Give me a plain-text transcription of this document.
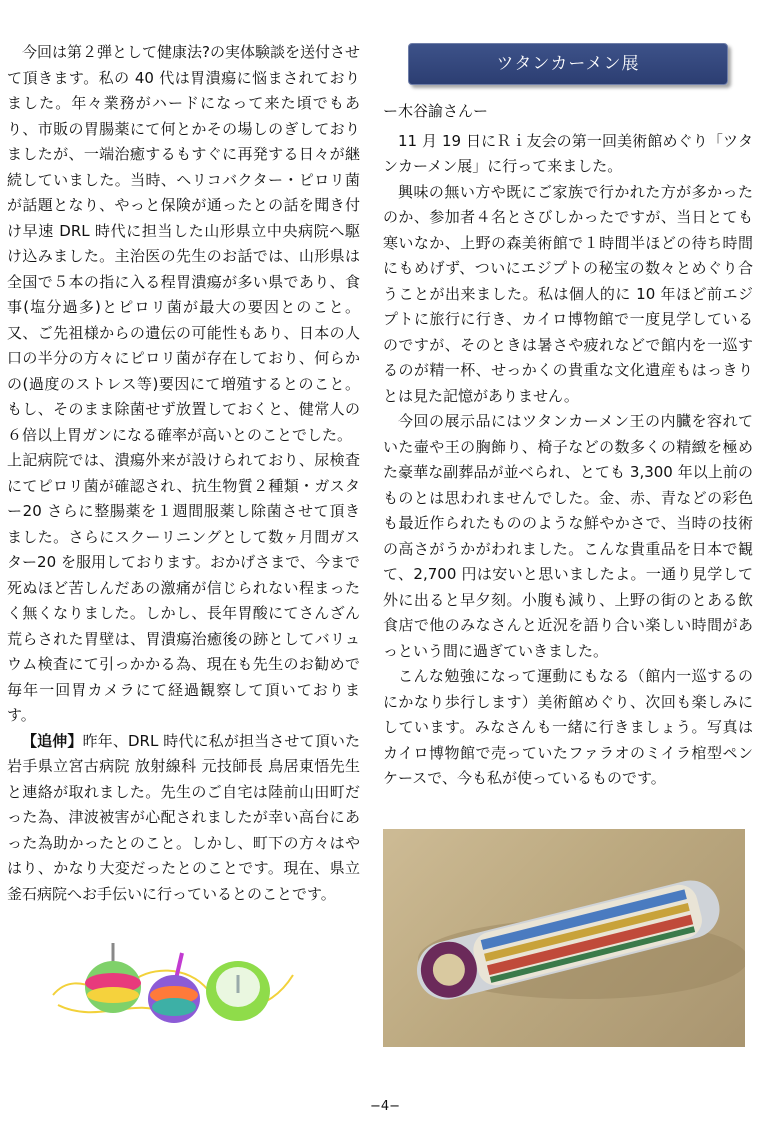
今回は第２弾として健康法?の実体験談を送付させて頂きます。私の 40 代は胃潰瘍に悩まされておりました。年々業務がハードになって来た頃でもあり、市販の胃腸薬にて何とかその場しのぎしておりましたが、一端治癒するもすぐに再発する日々が継続していました。当時、ヘリコバクター・ピロリ菌が話題となり、やっと保険が通ったとの話を聞き付け早速 DRL 時代に担当した山形県立中央病院へ駆け込みました。主治医の先生のお話では、山形県は全国で５本の指に入る程胃潰瘍が多い県であり、食事(塩分過多)とピロリ菌が最大の要因とのこと。又、ご先祖様からの遺伝の可能性もあり、日本の人口の半分の方々にピロリ菌が存在しており、何らかの(過度のストレス等)要因にて増殖するとのこと。もし、そのまま除菌せず放置しておくと、健常人の６倍以上胃ガンになる確率が高いとのことでした。

上記病院では、潰瘍外来が設けられており、尿検査にてピロリ菌が確認され、抗生物質２種類・ガスター20 さらに整腸薬を１週間服薬し除菌させて頂きました。さらにスクーリニングとして数ヶ月間ガスター20 を服用しております。おかげさまで、今まで死ぬほど苦しんだあの激痛が信じられない程まったく無くなりました。しかし、長年胃酸にてさんざん荒らされた胃壁は、胃潰瘍治癒後の跡としてバリュウム検査にて引っかかる為、現在も先生のお勧めで毎年一回胃カメラにて経過観察して頂いております。

【追伸】昨年、DRL 時代に私が担当させて頂いた岩手県立宮古病院 放射線科 元技師長 鳥居東悟先生と連絡が取れました。先生のご自宅は陸前山田町だった為、津波被害が心配されましたが幸い高台にあった為助かったとのこと。しかし、町下の方々はやはり、かなり大変だったとのことです。現在、県立釜石病院へお手伝いに行っているとのことです。

ツタンカーメン展

ー木谷諭さんー

11 月 19 日にＲｉ友会の第一回美術館めぐり「ツタンカーメン展」に行って来ました。

興味の無い方や既にご家族で行かれた方が多かったのか、参加者４名とさびしかったですが、当日とても寒いなか、上野の森美術館で１時間半ほどの待ち時間にもめげず、ついにエジプトの秘宝の数々とめぐり合うことが出来ました。私は個人的に 10 年ほど前エジプトに旅行に行き、カイロ博物館で一度見学しているのですが、そのときは暑さや疲れなどで館内を一巡するのが精一杯、せっかくの貴重な文化遺産もはっきりとは見た記憶がありません。

今回の展示品にはツタンカーメン王の内臓を容れていた壷や王の胸飾り、椅子などの数多くの精緻を極めた豪華な副葬品が並べられ、とても 3,300 年以上前のものとは思われませんでした。金、赤、青などの彩色も最近作られたもののような鮮やかさで、当時の技術の高さがうかがわれました。こんな貴重品を日本で観て、2,700 円は安いと思いましたよ。一通り見学して外に出ると早夕刻。小腹も減り、上野の街のとある飲食店で他のみなさんと近況を語り合い楽しい時間があっという間に過ぎていきました。

こんな勉強になって運動にもなる（館内一巡するのにかなり歩行します）美術館めぐり、次回も楽しみにしています。みなさんも一緒に行きましょう。写真はカイロ博物館で売っていたファラオのミイラ棺型ペンケースで、今も私が使っているものです。

−4−
